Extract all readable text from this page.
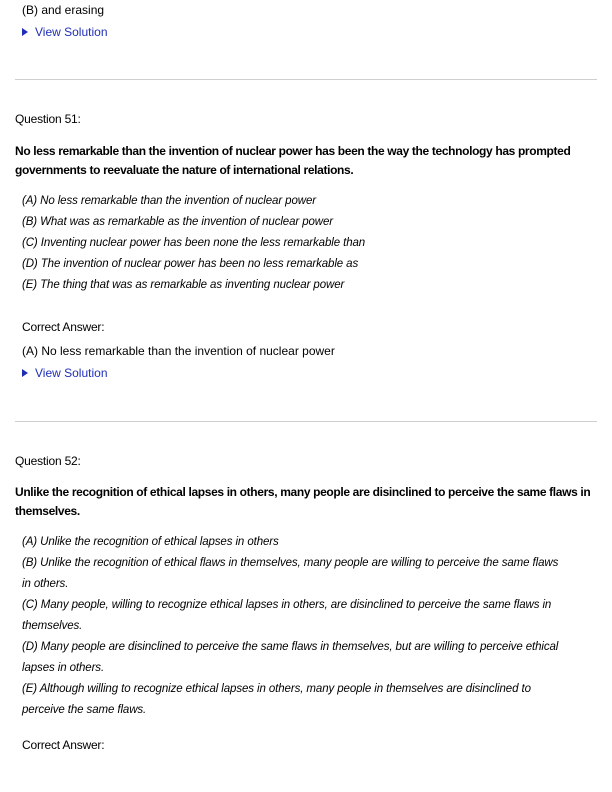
(B) and erasing
View Solution
Question 51:
No less remarkable than the invention of nuclear power has been the way the technology has prompted
governments to reevaluate the nature of international relations.
(A) No less remarkable than the invention of nuclear power
(B) What was as remarkable as the invention of nuclear power
(C) Inventing nuclear power has been none the less remarkable than
(D) The invention of nuclear power has been no less remarkable as
(E) The thing that was as remarkable as inventing nuclear power
Correct Answer:
(A) No less remarkable than the invention of nuclear power
View Solution
Question 52:
Unlike the recognition of ethical lapses in others, many people are disinclined to perceive the same flaws in
themselves.
(A) Unlike the recognition of ethical lapses in others
(B) Unlike the recognition of ethical flaws in themselves, many people are willing to perceive the same flaws
in others.
(C) Many people, willing to recognize ethical lapses in others, are disinclined to perceive the same flaws in
themselves.
(D) Many people are disinclined to perceive the same flaws in themselves, but are willing to perceive ethical
lapses in others.
(E) Although willing to recognize ethical lapses in others, many people in themselves are disinclined to
perceive the same flaws.
Correct Answer:
